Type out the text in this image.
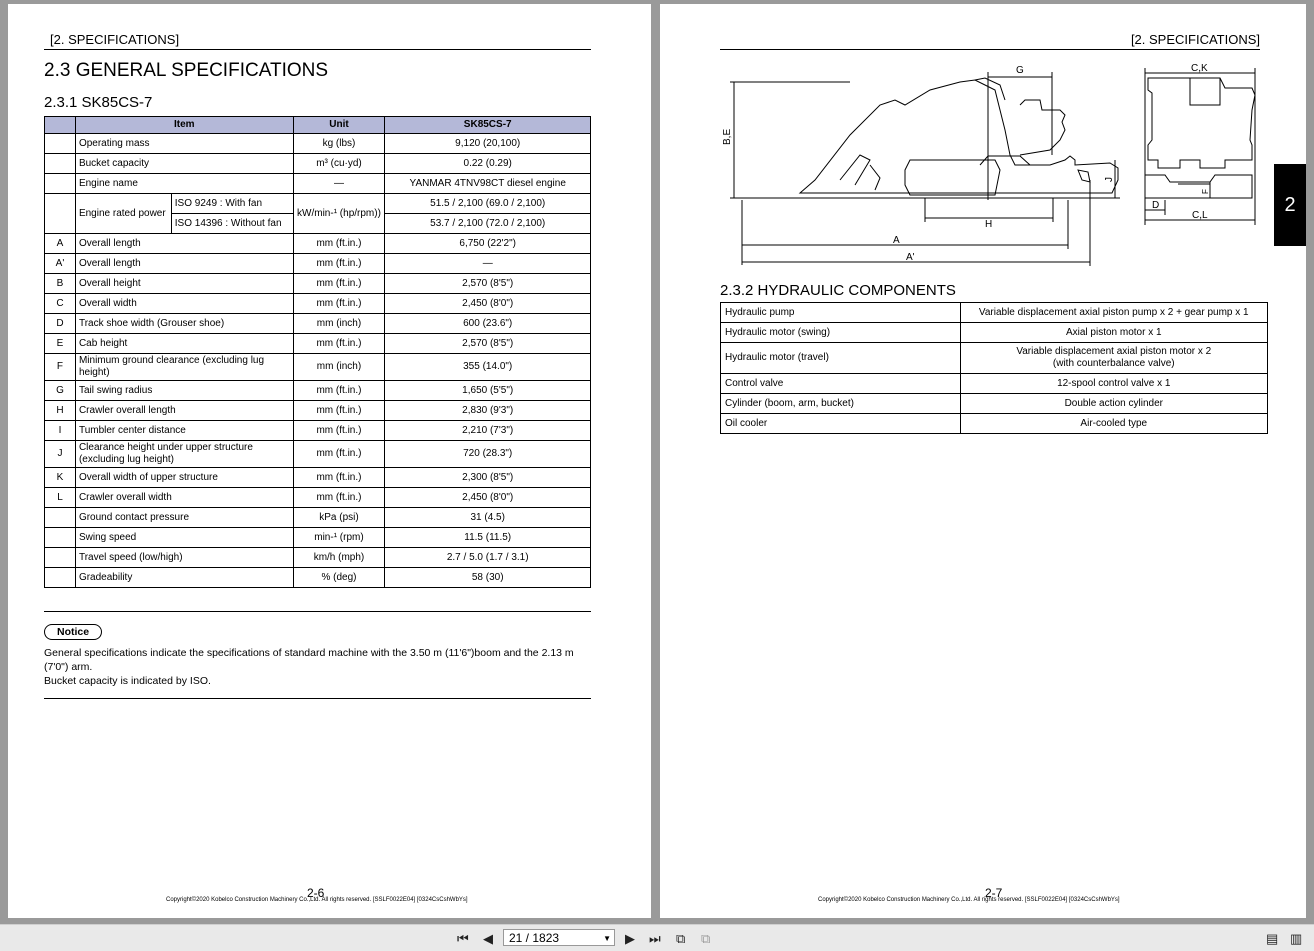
[2. SPECIFICATIONS]
2.3 GENERAL SPECIFICATIONS
2.3.1 SK85CS-7
	Item		Unit	SK85CS-7
	Operating mass		kg (lbs)	9,120 (20,100)
	Bucket capacity		m³ (cu·yd)	0.22 (0.29)
	Engine name		—	YANMAR 4TNV98CT diesel engine
	Engine rated power	ISO 9249 : With fan	kW/min-¹ (hp/rpm))	51.5 / 2,100 (69.0 / 2,100)
		ISO 14396 : Without fan		53.7 / 2,100 (72.0 / 2,100)
A	Overall length		mm (ft.in.)	6,750 (22'2")
A'	Overall length		mm (ft.in.)	—
B	Overall height		mm (ft.in.)	2,570 (8'5")
C	Overall width		mm (ft.in.)	2,450 (8'0")
D	Track shoe width (Grouser shoe)		mm (inch)	600 (23.6")
E	Cab height		mm (ft.in.)	2,570 (8'5")
F	Minimum ground clearance (excluding lug height)		mm (inch)	355 (14.0")
G	Tail swing radius		mm (ft.in.)	1,650 (5'5")
H	Crawler overall length		mm (ft.in.)	2,830 (9'3")
I	Tumbler center distance		mm (ft.in.)	2,210 (7'3")
J	Clearance height under upper structure (excluding lug height)		mm (ft.in.)	720 (28.3")
K	Overall width of upper structure		mm (ft.in.)	2,300 (8'5")
L	Crawler overall width		mm (ft.in.)	2,450 (8'0")
	Ground contact pressure		kPa (psi)	31 (4.5)
	Swing speed		min-¹ (rpm)	11.5 (11.5)
	Travel speed (low/high)		km/h (mph)	2.7 / 5.0 (1.7 / 3.1)
	Gradeability		% (deg)	58 (30)
Notice
General specifications indicate the specifications of standard machine with the 3.50 m (11'6")boom and the 2.13 m (7'0") arm.
Bucket capacity is indicated by ISO.
2-6
Copyright©2020 Kobelco Construction Machinery Co.,Ltd. All rights reserved. [SSLF0022E04] [0324CsCshWbYs]
[2. SPECIFICATIONS]
G
B,E
J
H
A
A'
C,K
C,L
D
F
2.3.2 HYDRAULIC COMPONENTS
Hydraulic pump	Variable displacement axial piston pump x 2 + gear pump x 1

Hydraulic motor (swing)	Axial piston motor x 1

Hydraulic motor (travel)	Variable displacement axial piston motor x 2
(with counterbalance valve)

Control valve	12-spool control valve x 1

Cylinder (boom, arm, bucket)	Double action cylinder

Oil cooler	Air-cooled type
2-7
Copyright©2020 Kobelco Construction Machinery Co.,Ltd. All rights reserved. [SSLF0022E04] [0324CsCshWbYs]
2
⏮ ◀	21 / 1823	▼ ▶ ⏭ ⧉ ⧉	▤ ▥
